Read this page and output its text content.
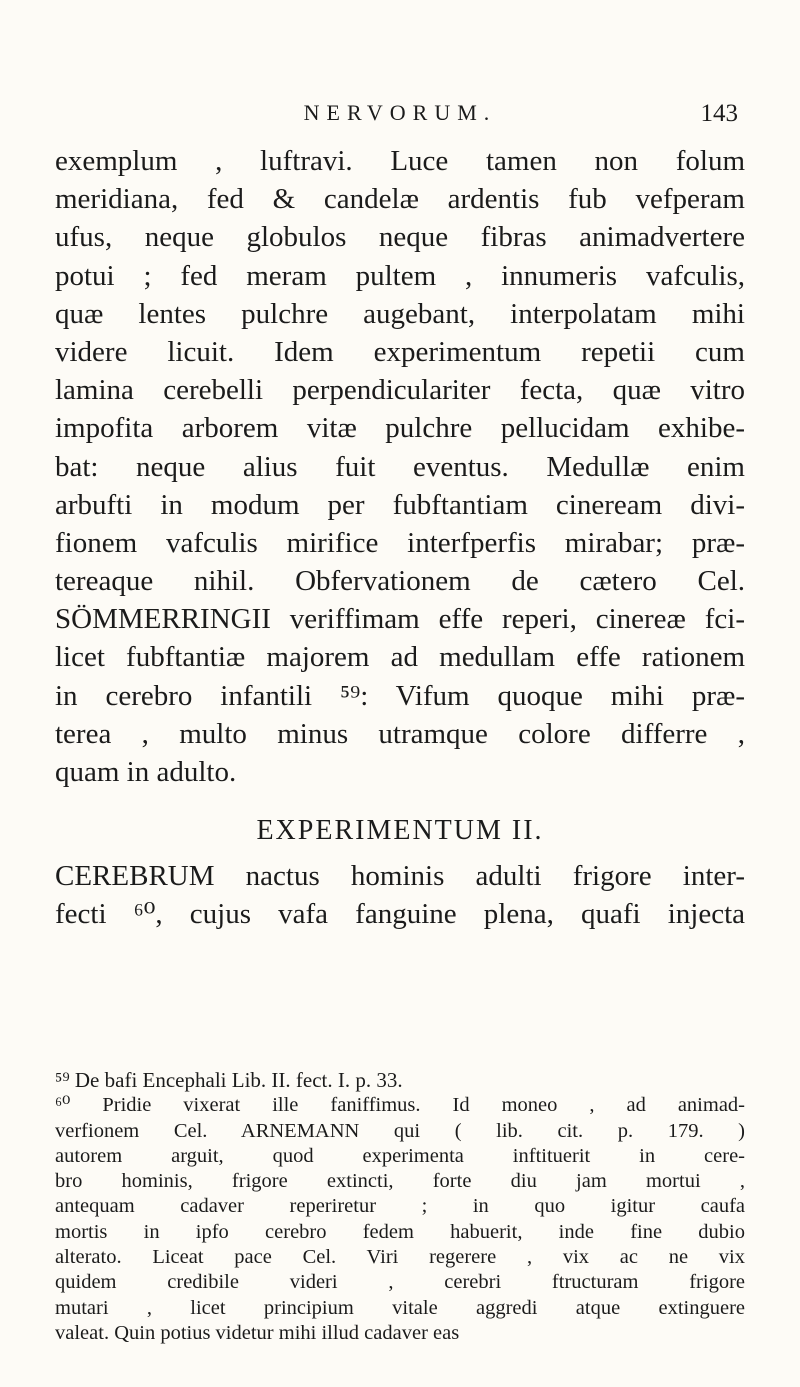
NERVORUM.	143
exemplum , luftravi. Luce tamen non folum
meridiana, fed & candelæ ardentis fub vefperam
ufus, neque globulos neque fibras animadvertere
potui ; fed meram pultem , innumeris vafculis,
quæ lentes pulchre augebant, interpolatam mihi
videre licuit. Idem experimentum repetii cum
lamina cerebelli perpendiculariter fecta, quæ vitro
impofita arborem vitæ pulchre pellucidam exhibe-
bat: neque alius fuit eventus. Medullæ enim
arbufti in modum per fubftantiam cineream divi-
fionem vafculis mirifice interfperfis mirabar; præ-
tereaque nihil. Obfervationem de cætero Cel.
SÖMMERRINGII veriffimam effe reperi, cinereæ fci-
licet fubftantiæ majorem ad medullam effe rationem
in cerebro infantili ⁵⁹: Vifum quoque mihi præ-
terea , multo minus utramque colore differre ,
quam in adulto.
EXPERIMENTUM II.
CEREBRUM nactus hominis adulti frigore inter-
fecti ⁶⁰, cujus vafa fanguine plena, quafi injecta
⁵⁹ De bafi Encephali Lib. II. fect. I. p. 33.
⁶⁰ Pridie vixerat ille faniffimus. Id moneo , ad animad-
verfionem Cel. ARNEMANN qui ( lib. cit. p. 179. )
autorem arguit, quod experimenta inftituerit in cere-
bro hominis, frigore extincti, forte diu jam mortui ,
antequam cadaver reperiretur ; in quo igitur caufa
mortis in ipfo cerebro fedem habuerit, inde fine dubio
alterato. Liceat pace Cel. Viri regerere , vix ac ne vix
quidem credibile videri , cerebri ftructuram frigore
mutari , licet principium vitale aggredi atque extinguere
valeat. Quin potius videtur mihi illud cadaver eas
